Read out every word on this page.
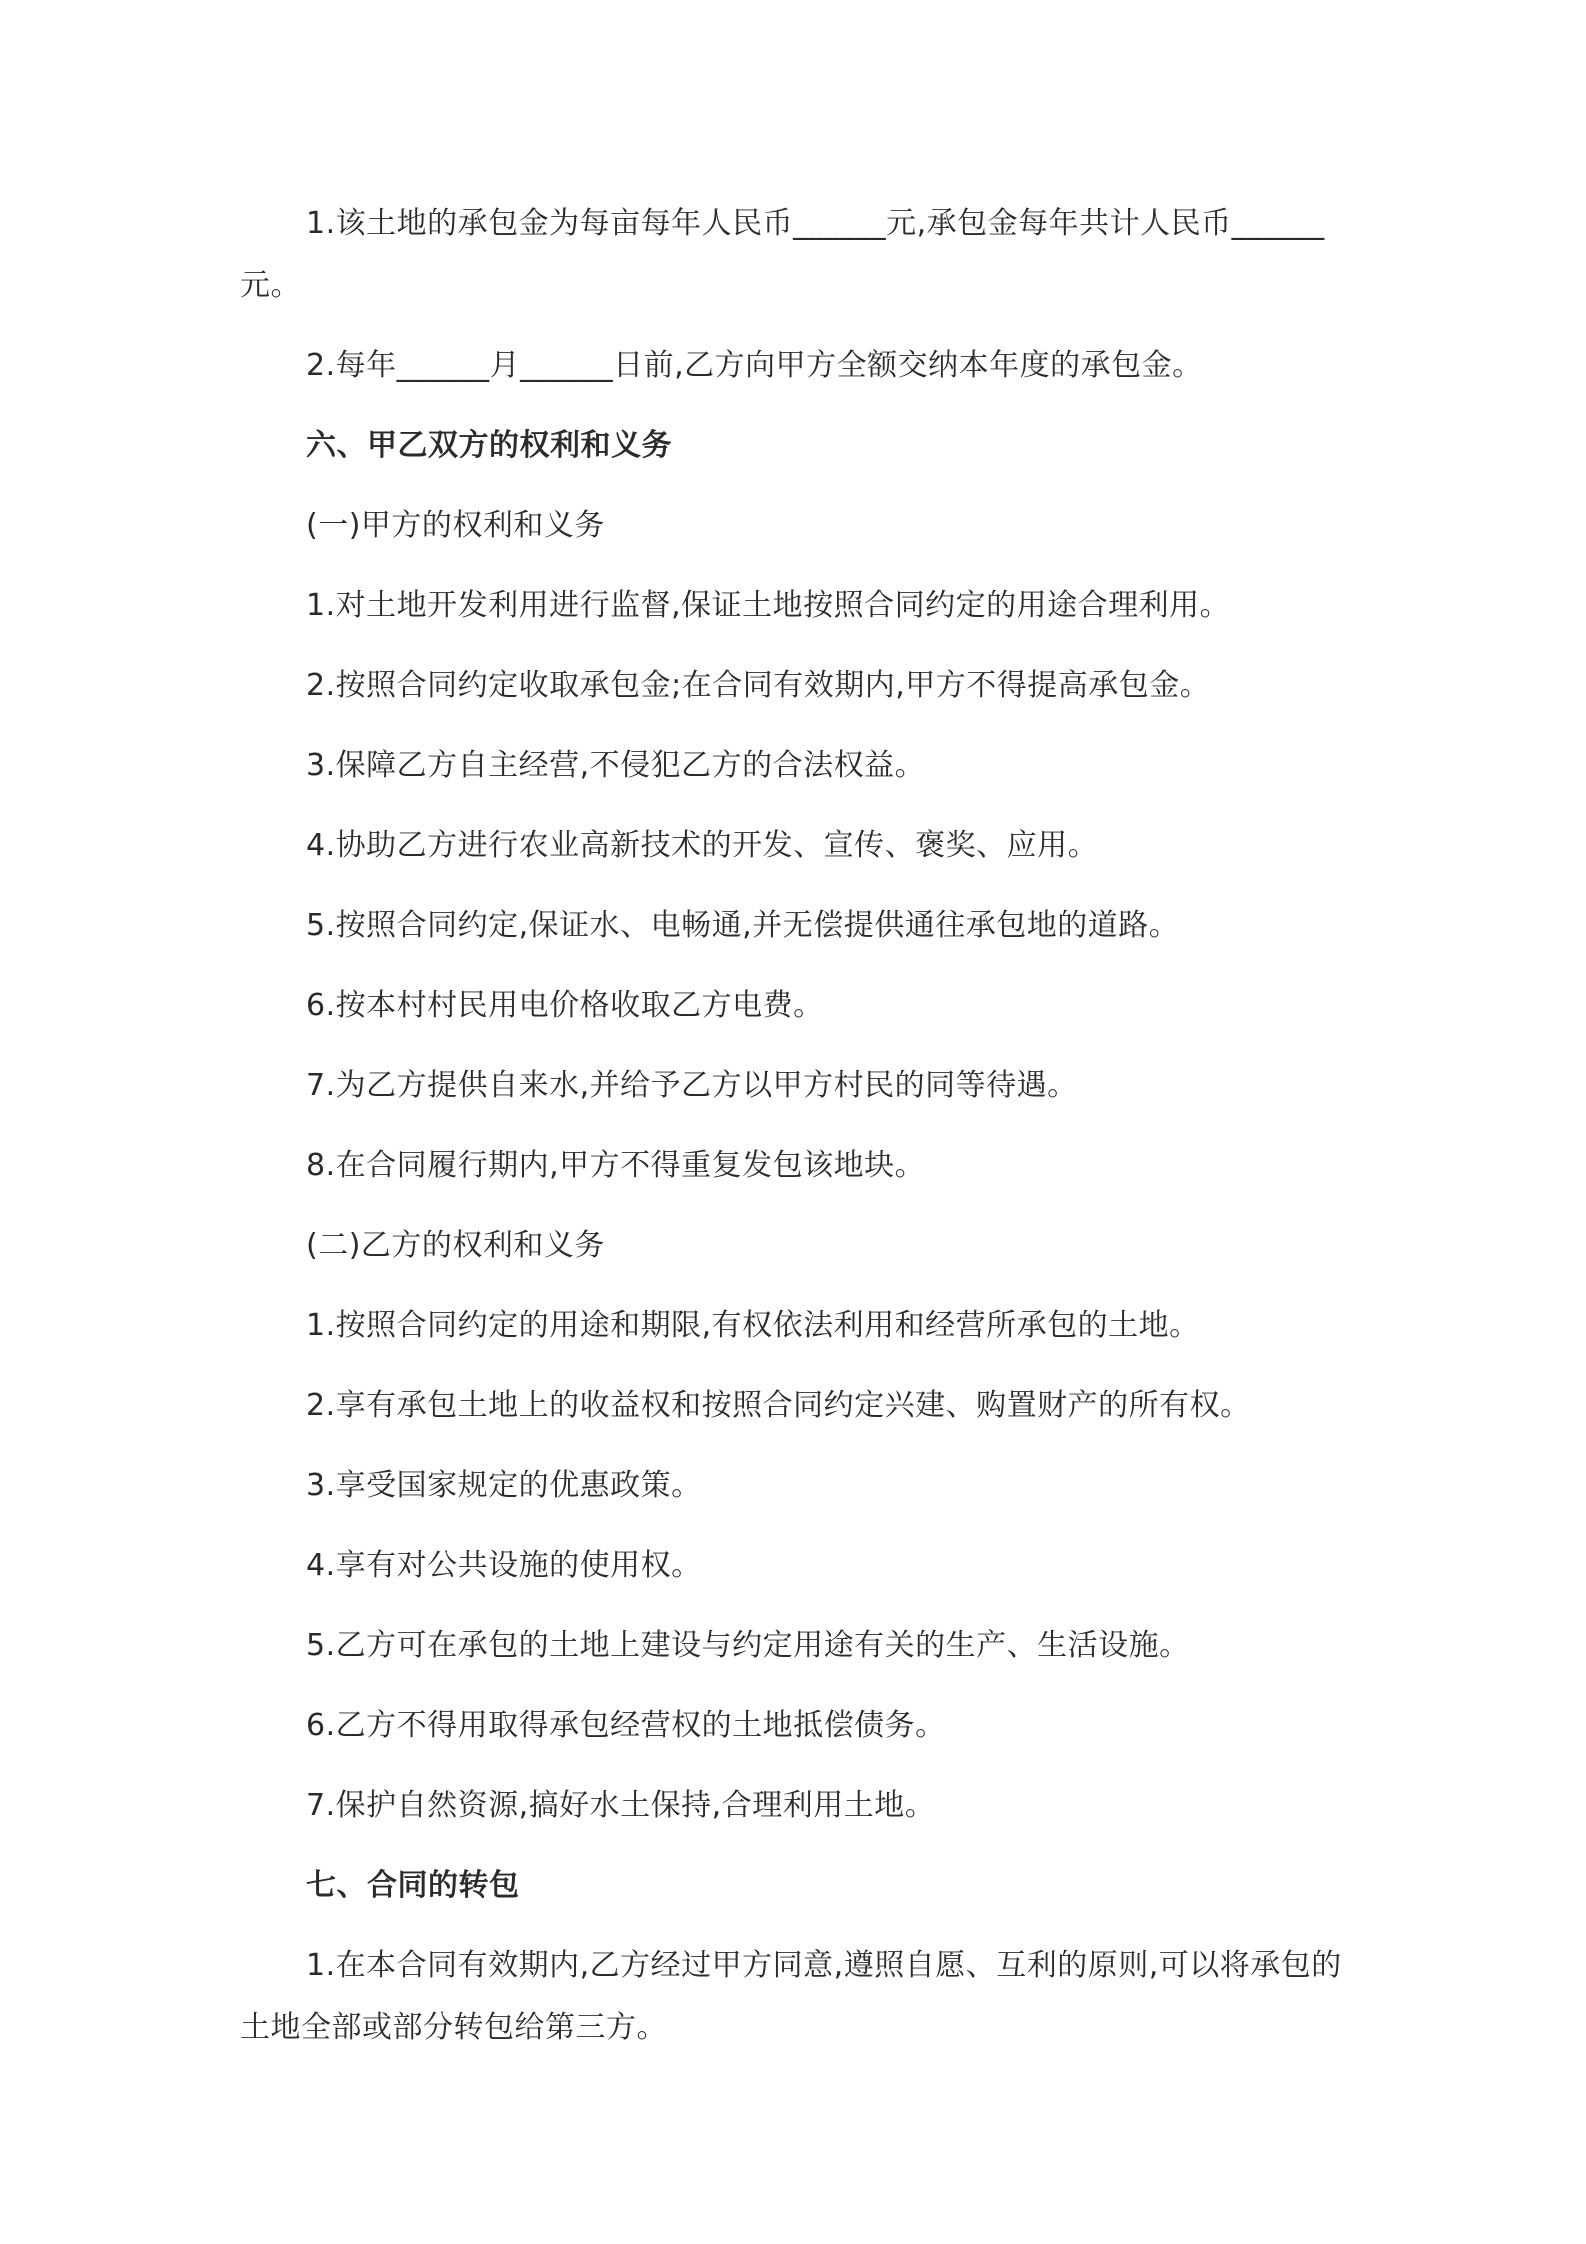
1.该土地的承包金为每亩每年人民币______元,承包金每年共计人民币______元。

2.每年______月______日前,乙方向甲方全额交纳本年度的承包金。

六、甲乙双方的权利和义务

(一)甲方的权利和义务

1.对土地开发利用进行监督,保证土地按照合同约定的用途合理利用。

2.按照合同约定收取承包金;在合同有效期内,甲方不得提高承包金。

3.保障乙方自主经营,不侵犯乙方的合法权益。

4.协助乙方进行农业高新技术的开发、宣传、褒奖、应用。

5.按照合同约定,保证水、电畅通,并无偿提供通往承包地的道路。

6.按本村村民用电价格收取乙方电费。

7.为乙方提供自来水,并给予乙方以甲方村民的同等待遇。

8.在合同履行期内,甲方不得重复发包该地块。

(二)乙方的权利和义务

1.按照合同约定的用途和期限,有权依法利用和经营所承包的土地。

2.享有承包土地上的收益权和按照合同约定兴建、购置财产的所有权。

3.享受国家规定的优惠政策。

4.享有对公共设施的使用权。

5.乙方可在承包的土地上建设与约定用途有关的生产、生活设施。

6.乙方不得用取得承包经营权的土地抵偿债务。

7.保护自然资源,搞好水土保持,合理利用土地。

七、合同的转包

1.在本合同有效期内,乙方经过甲方同意,遵照自愿、互利的原则,可以将承包的土地全部或部分转包给第三方。
